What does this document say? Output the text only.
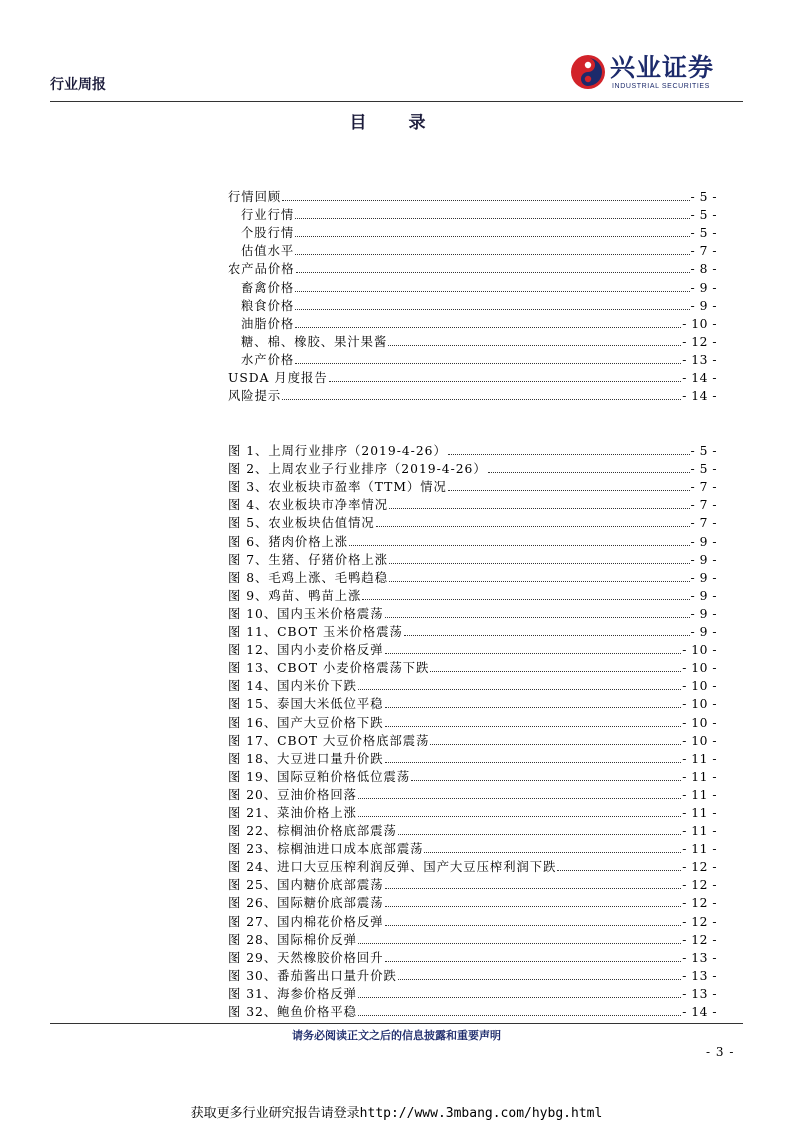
行业周报
兴业证券
INDUSTRIAL SECURITIES
目 录
行情回顾	- 5 -
行业行情	- 5 -
个股行情	- 5 -
估值水平	- 7 -
农产品价格	- 8 -
畜禽价格	- 9 -
粮食价格	- 9 -
油脂价格	- 10 -
糖、棉、橡胶、果汁果酱	- 12 -
水产价格	- 13 -
USDA 月度报告	- 14 -
风险提示	- 14 -
图 1、上周行业排序（2019-4-26）	- 5 -
图 2、上周农业子行业排序（2019-4-26）	- 5 -
图 3、农业板块市盈率（TTM）情况	- 7 -
图 4、农业板块市净率情况	- 7 -
图 5、农业板块估值情况	- 7 -
图 6、猪肉价格上涨	- 9 -
图 7、生猪、仔猪价格上涨	- 9 -
图 8、毛鸡上涨、毛鸭趋稳	- 9 -
图 9、鸡苗、鸭苗上涨	- 9 -
图 10、国内玉米价格震荡	- 9 -
图 11、CBOT 玉米价格震荡	- 9 -
图 12、国内小麦价格反弹	- 10 -
图 13、CBOT 小麦价格震荡下跌	- 10 -
图 14、国内米价下跌	- 10 -
图 15、泰国大米低位平稳	- 10 -
图 16、国产大豆价格下跌	- 10 -
图 17、CBOT 大豆价格底部震荡	- 10 -
图 18、大豆进口量升价跌	- 11 -
图 19、国际豆粕价格低位震荡	- 11 -
图 20、豆油价格回落	- 11 -
图 21、菜油价格上涨	- 11 -
图 22、棕榈油价格底部震荡	- 11 -
图 23、棕榈油进口成本底部震荡	- 11 -
图 24、进口大豆压榨利润反弹、国产大豆压榨利润下跌	- 12 -
图 25、国内糖价底部震荡	- 12 -
图 26、国际糖价底部震荡	- 12 -
图 27、国内棉花价格反弹	- 12 -
图 28、国际棉价反弹	- 12 -
图 29、天然橡胶价格回升	- 13 -
图 30、番茄酱出口量升价跌	- 13 -
图 31、海参价格反弹	- 13 -
图 32、鲍鱼价格平稳	- 14 -
请务必阅读正文之后的信息披露和重要声明
- 3 -
获取更多行业研究报告请登录http://www.3mbang.com/hybg.html
